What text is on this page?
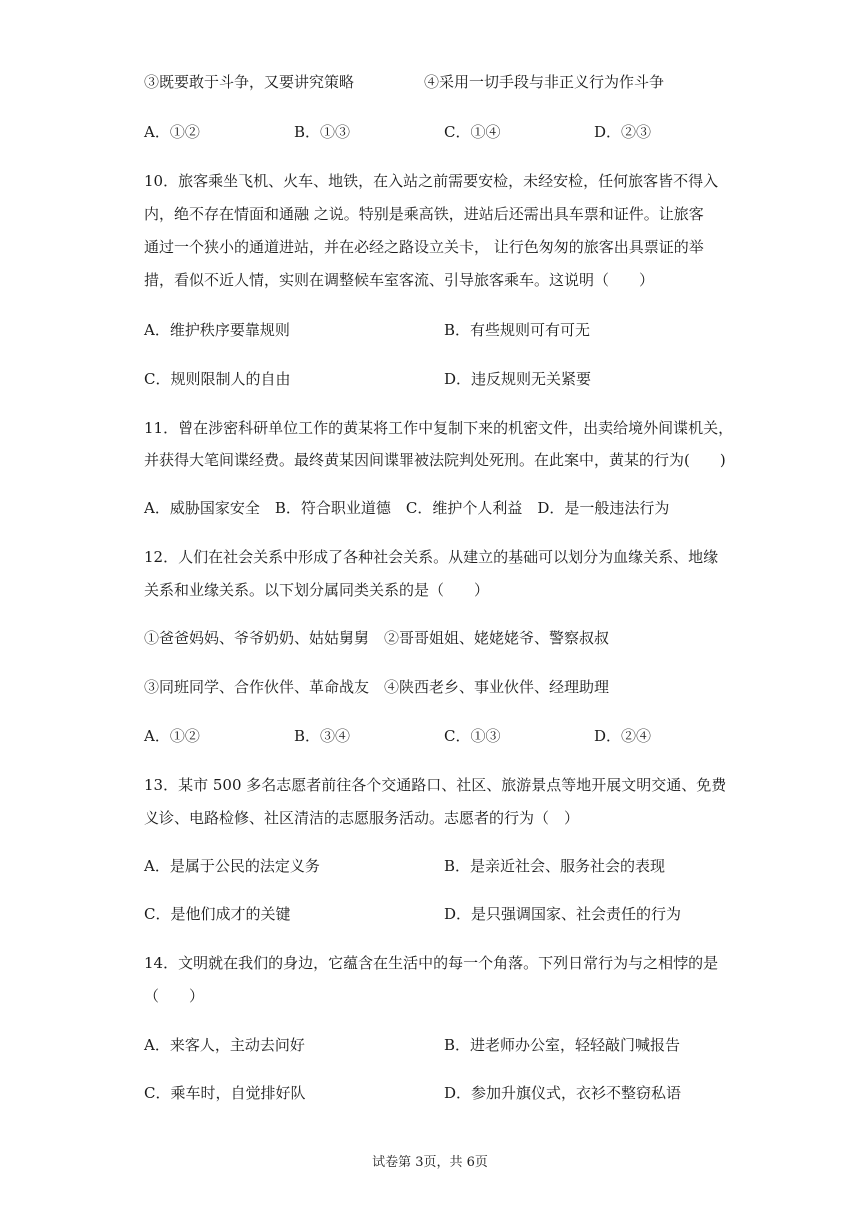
③既要敢于斗争，又要讲究策略	④采用一切手段与非正义行为作斗争
A．①②	B．①③	C．①④	D．②③
10．旅客乘坐飞机、火车、地铁，在入站之前需要安检，未经安检，任何旅客皆不得入
内，绝不存在情面和通融 之说。特别是乘高铁，进站后还需出具车票和证件。让旅客
通过一个狭小的通道进站，并在必经之路设立关卡， 让行色匆匆的旅客出具票证的举
措，看似不近人情，实则在调整候车室客流、引导旅客乘车。这说明（　　）
A．维护秩序要靠规则	B．有些规则可有可无
C．规则限制人的自由	D．违反规则无关紧要
11．曾在涉密科研单位工作的黄某将工作中复制下来的机密文件，出卖给境外间谍机关，
并获得大笔间谍经费。最终黄某因间谍罪被法院判处死刑。在此案中，黄某的行为(　　)
A．威胁国家安全　B．符合职业道德　C．维护个人利益　D．是一般违法行为
12．人们在社会关系中形成了各种社会关系。从建立的基础可以划分为血缘关系、地缘
关系和业缘关系。以下划分属同类关系的是（　　）
①爸爸妈妈、爷爷奶奶、姑姑舅舅　②哥哥姐姐、姥姥姥爷、警察叔叔
③同班同学、合作伙伴、革命战友　④陕西老乡、事业伙伴、经理助理
A．①②	B．③④	C．①③	D．②④
13．某市 500 多名志愿者前往各个交通路口、社区、旅游景点等地开展文明交通、免费
义诊、电路检修、社区清洁的志愿服务活动。志愿者的行为（　）
A．是属于公民的法定义务	B．是亲近社会、服务社会的表现
C．是他们成才的关键	D．是只强调国家、社会责任的行为
14．文明就在我们的身边，它蕴含在生活中的每一个角落。下列日常行为与之相悖的是
（　　）
A．来客人，主动去问好	B．进老师办公室，轻轻敲门喊报告
C．乘车时，自觉排好队	D．参加升旗仪式，衣衫不整窃私语
试卷第 3页，共 6页
